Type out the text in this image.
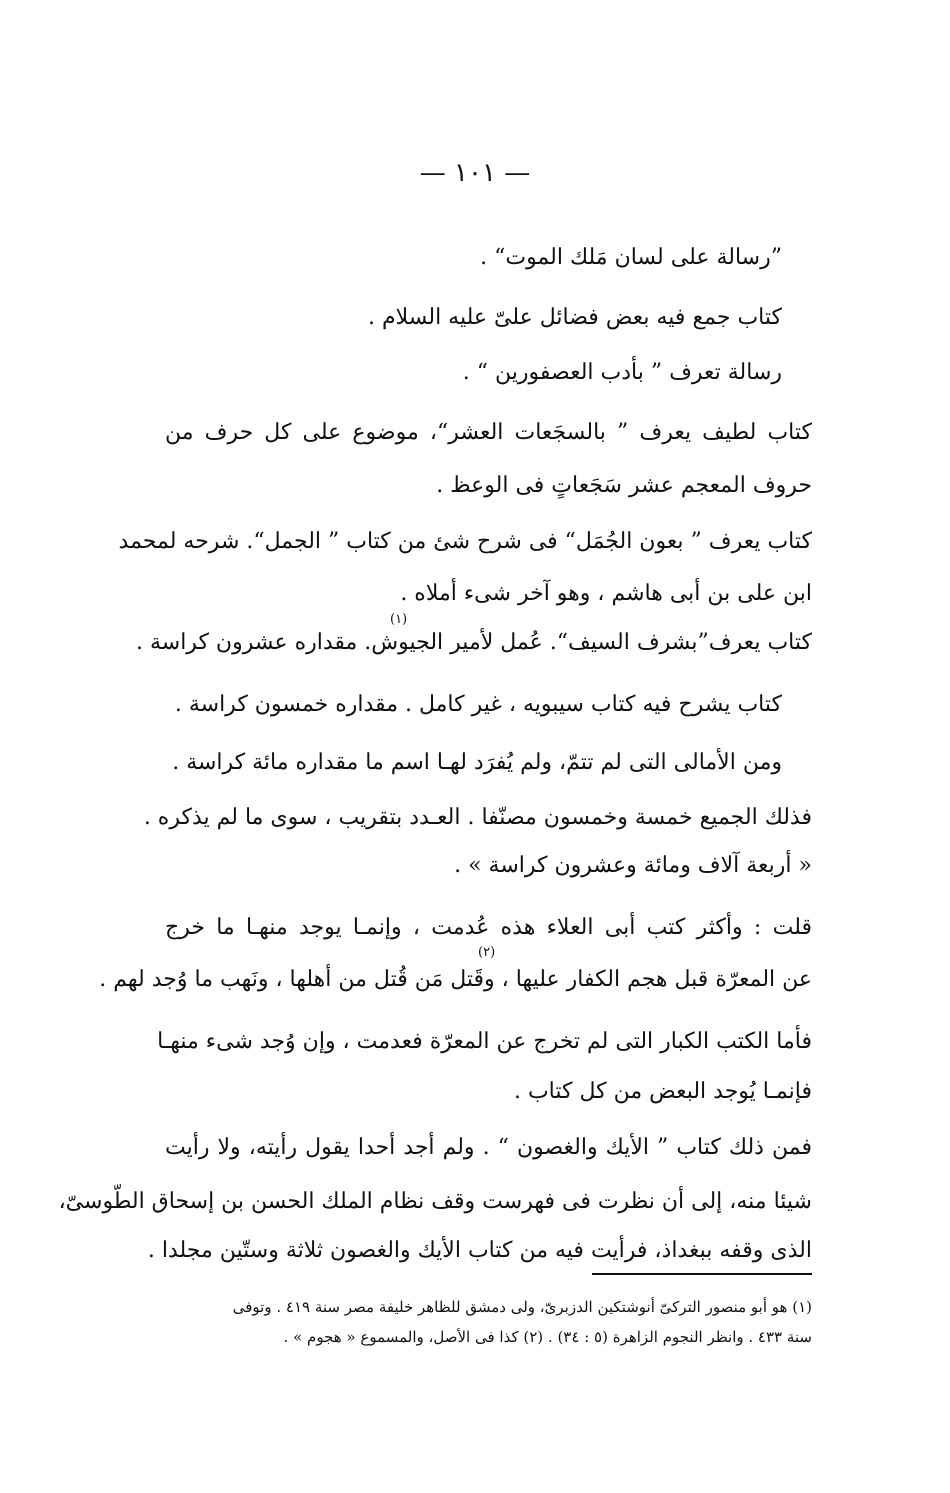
— ١٠١ —
”رسالة على لسان مَلك الموت“ .
كتاب جمع فيه بعض فضائل علىّ عليه السلام .
رسالة تعرف ” بأدب العصفورين “ .
كتاب لطيف يعرف ” بالسجَعات العشر“، موضوع على كل حرف من
حروف المعجم عشر سَجَعاتٍ فى الوعظ .
كتاب يعرف ” بعون الجُمَل“ فى شرح شئ من كتاب ” الجمل“. شرحه لمحمد
ابن على بن أبى هاشم ، وهو آخر شىء أملاه .
(١)
كتاب يعرف”بشرف السيف“. عُمل لأمير الجيوش. مقداره عشرون كراسة .
كتاب يشرح فيه كتاب سيبويه ، غير كامل . مقداره خمسون كراسة .
ومن الأمالى التى لم تتمّ، ولم يُفرَد لهـا اسم ما مقداره مائة كراسة .
فذلك الجميع خمسة وخمسون مصنّفا . العـدد بتقريب ، سوى ما لم يذكره .
« أربعة آلاف ومائة وعشرون كراسة » .
قلت : وأكثر كتب أبى العلاء هذه عُدمت ، وإنمـا يوجد منهـا ما خرج
(٢)
عن المعرّة قبل هجم الكفار عليها ، وقَتل مَن قُتل من أهلها ، ونَهب ما وُجد لهم .
فأما الكتب الكبار التى لم تخرج عن المعرّة فعدمت ، وإن وُجد شىء منهـا
فإنمـا يُوجد البعض من كل كتاب .
فمن ذلك كتاب ” الأيك والغصون “ . ولم أجد أحدا يقول رأيته، ولا رأيت
شيئا منه، إلى أن نظرت فى فهرست وقف نظام الملك الحسن بن إسحاق الطّوسىّ،
الذى وقفه ببغداذ، فرأيت فيه من كتاب الأيك والغصون ثلاثة وستّين مجلدا .
(١) هو أبو منصور التركىّ أنوشتكين الدزبرىّ، ولى دمشق للظاهر خليفة مصر سنة ٤١٩ . وتوفى
سنة ٤٣٣ . وانظر النجوم الزاهرة (٥ : ٣٤) . (٢) كذا فى الأصل، والمسموع « هجوم » .
